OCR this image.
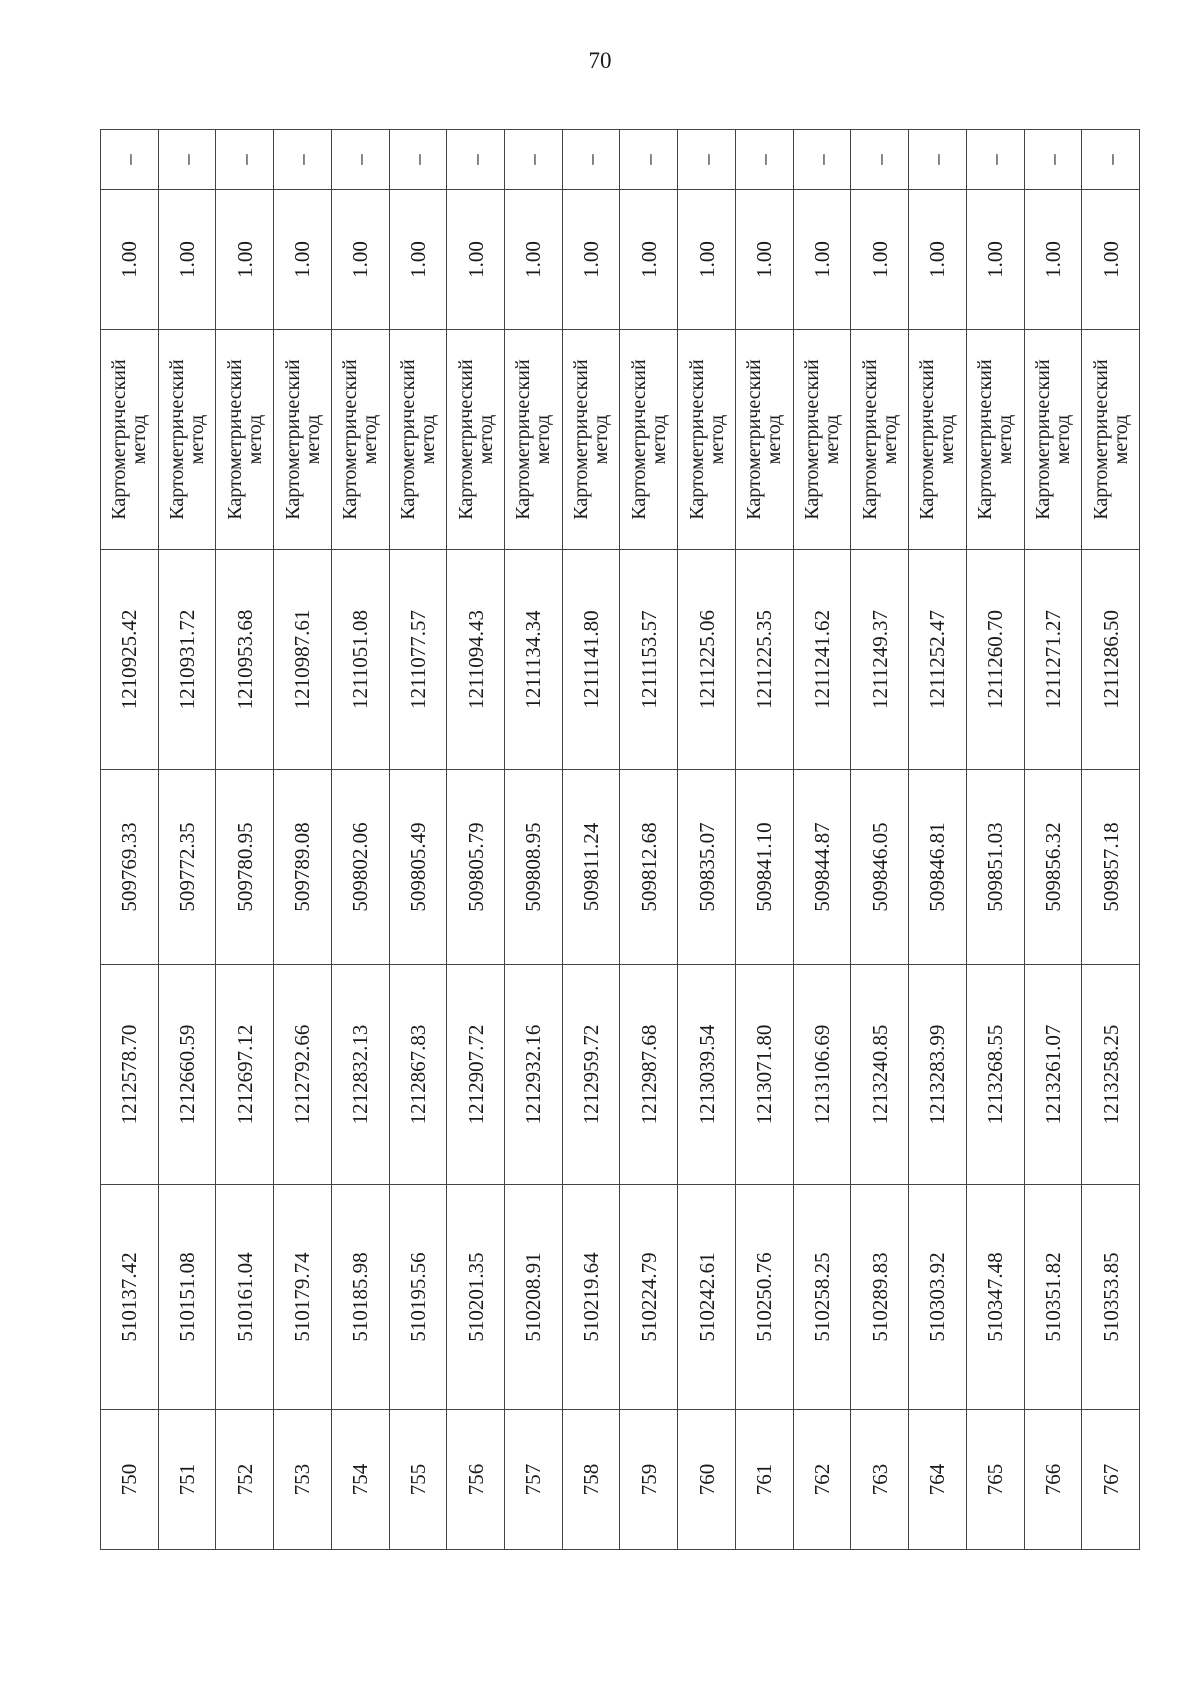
70
750	510137.42	1212578.70	509769.33	1210925.42	Картометрический метод	1.00	–
751	510151.08	1212660.59	509772.35	1210931.72	Картометрический метод	1.00	–
752	510161.04	1212697.12	509780.95	1210953.68	Картометрический метод	1.00	–
753	510179.74	1212792.66	509789.08	1210987.61	Картометрический метод	1.00	–
754	510185.98	1212832.13	509802.06	1211051.08	Картометрический метод	1.00	–
755	510195.56	1212867.83	509805.49	1211077.57	Картометрический метод	1.00	–
756	510201.35	1212907.72	509805.79	1211094.43	Картометрический метод	1.00	–
757	510208.91	1212932.16	509808.95	1211134.34	Картометрический метод	1.00	–
758	510219.64	1212959.72	509811.24	1211141.80	Картометрический метод	1.00	–
759	510224.79	1212987.68	509812.68	1211153.57	Картометрический метод	1.00	–
760	510242.61	1213039.54	509835.07	1211225.06	Картометрический метод	1.00	–
761	510250.76	1213071.80	509841.10	1211225.35	Картометрический метод	1.00	–
762	510258.25	1213106.69	509844.87	1211241.62	Картометрический метод	1.00	–
763	510289.83	1213240.85	509846.05	1211249.37	Картометрический метод	1.00	–
764	510303.92	1213283.99	509846.81	1211252.47	Картометрический метод	1.00	–
765	510347.48	1213268.55	509851.03	1211260.70	Картометрический метод	1.00	–
766	510351.82	1213261.07	509856.32	1211271.27	Картометрический метод	1.00	–
767	510353.85	1213258.25	509857.18	1211286.50	Картометрический метод	1.00	–
